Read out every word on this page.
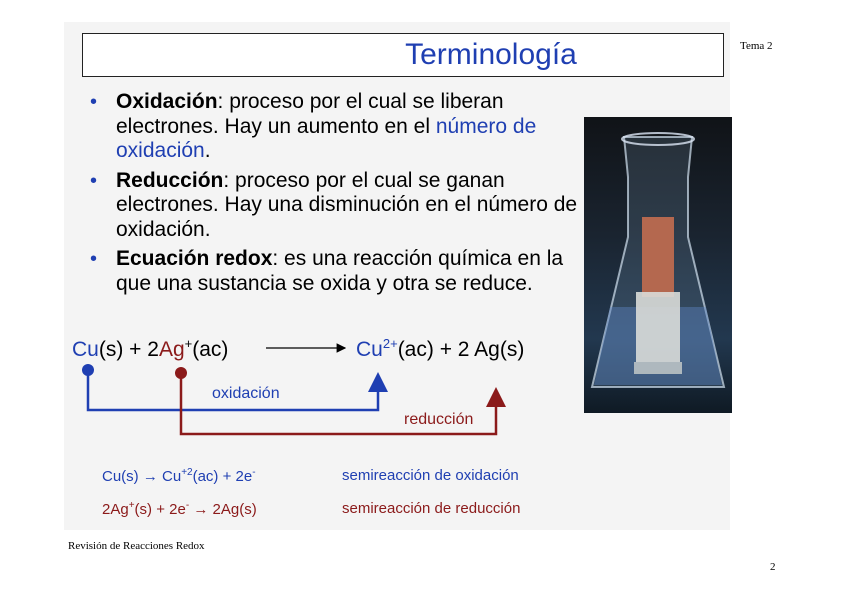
Terminología	Tema 2
• Oxidación: proceso por el cual se liberan electrones. Hay un aumento en el número de oxidación.
• Reducción: proceso por el cual se ganan electrones. Hay una disminución en el número de oxidación.
• Ecuación redox: es una reacción química en la que una sustancia se oxida y otra se reduce.
Cu(s) + 2Ag+(ac)	$Cu^{2+}(ac) + 2$ Ag(s)
oxidación
reducción
$Cu(s) \to Cu^{+2}(ac) + 2e^-$	semireacción de oxidación
2Ag+(s) + 2e- → 2Ag(s)	semireacción de reducción
Revisión de Reacciones Redox
2
